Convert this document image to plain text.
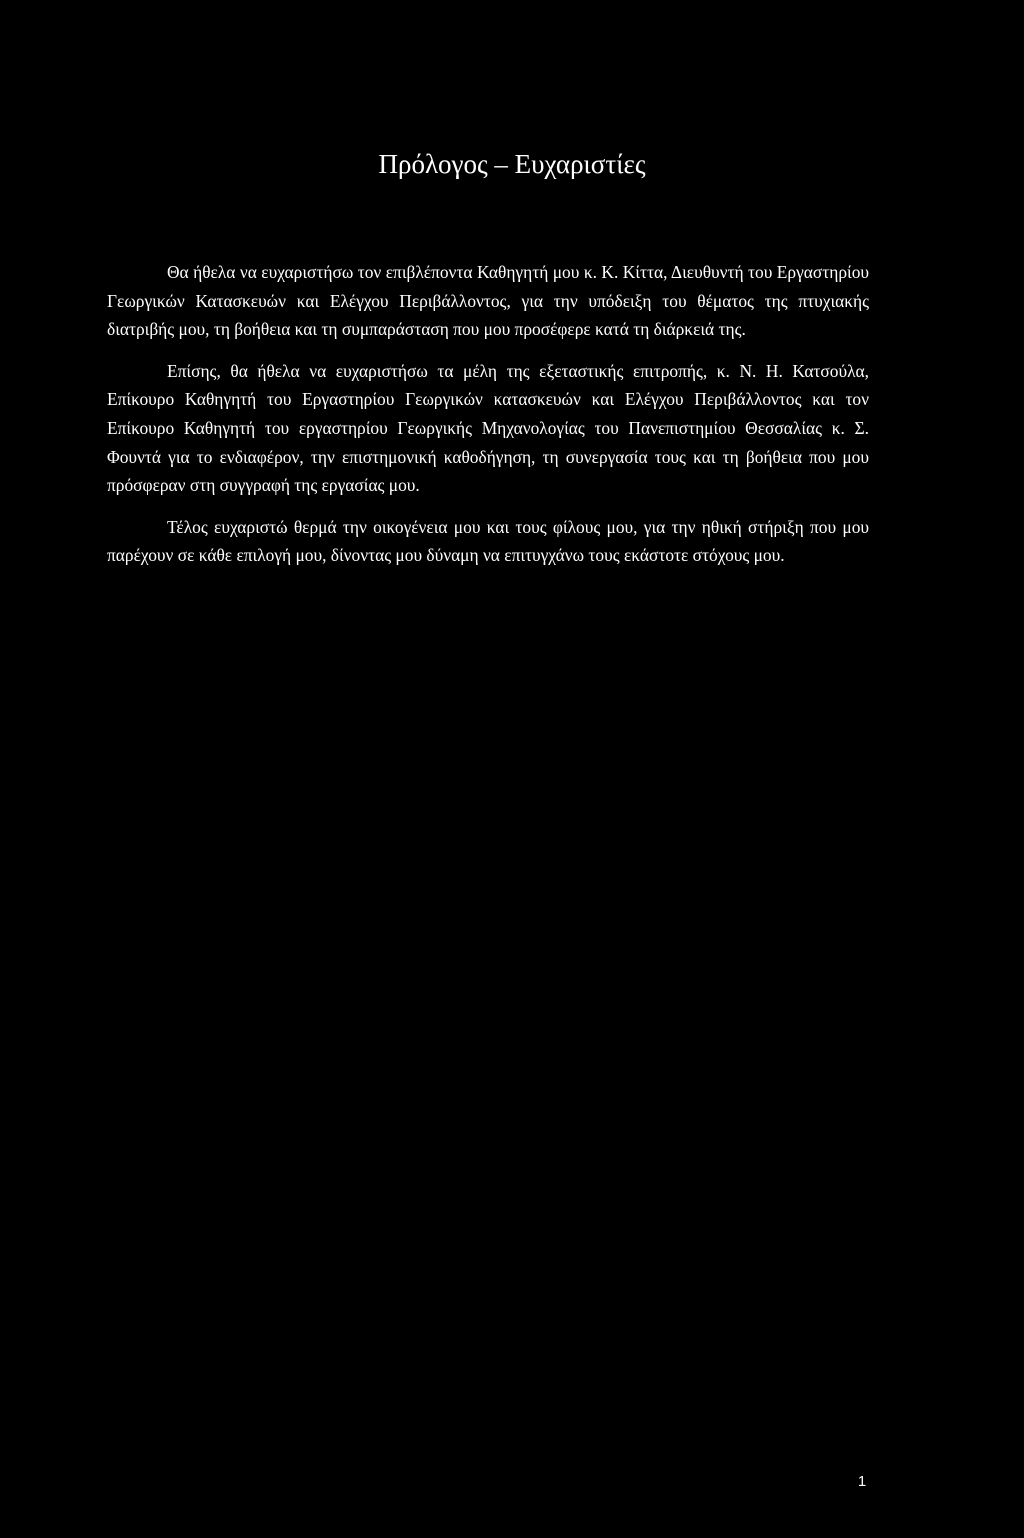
Πρόλογος – Ευχαριστίες

Θα ήθελα να ευχαριστήσω τον επιβλέποντα Καθηγητή μου κ. Κ. Κίττα, Διευθυντή του Εργαστηρίου Γεωργικών Κατασκευών και Ελέγχου Περιβάλλοντος, για την υπόδειξη του θέματος της πτυχιακής διατριβής μου, τη βοήθεια και τη συμπαράσταση που μου προσέφερε κατά τη διάρκειά της.

Επίσης, θα ήθελα να ευχαριστήσω τα μέλη της εξεταστικής επιτροπής, κ. Ν. Η. Κατσούλα, Επίκουρο Καθηγητή του Εργαστηρίου Γεωργικών κατασκευών και Ελέγχου Περιβάλλοντος και τον Επίκουρο Καθηγητή του εργαστηρίου Γεωργικής Μηχανολογίας του Πανεπιστημίου Θεσσαλίας κ. Σ. Φουντά για το ενδιαφέρον, την επιστημονική καθοδήγηση, τη συνεργασία τους και τη βοήθεια που μου πρόσφεραν στη συγγραφή της εργασίας μου.

Τέλος ευχαριστώ θερμά την οικογένεια μου και τους φίλους μου, για την ηθική στήριξη που μου παρέχουν σε κάθε επιλογή μου, δίνοντας μου δύναμη να επιτυγχάνω τους εκάστοτε στόχους μου.

1
